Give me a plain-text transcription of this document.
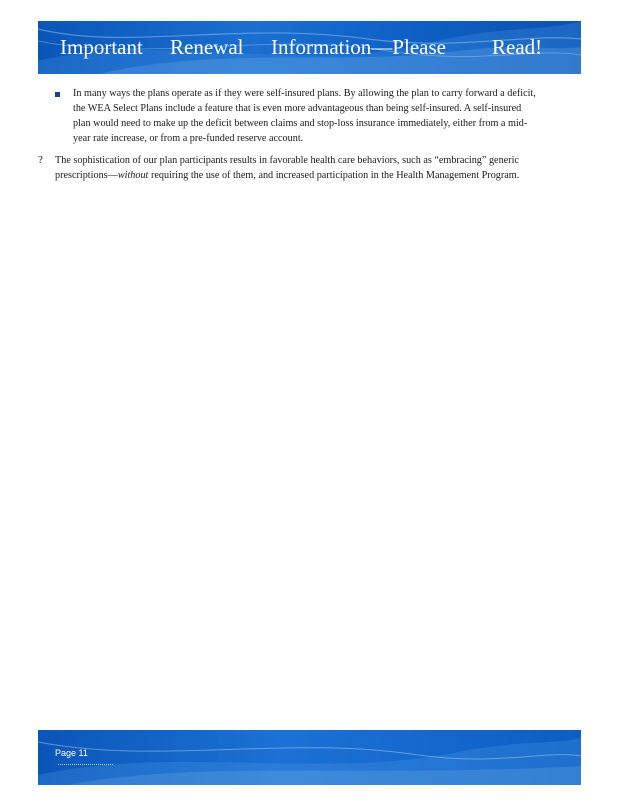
Important Renewal Information—Please Read!
In many ways the plans operate as if they were self-insured plans. By allowing the plan to carry forward a deficit,
the WEA Select Plans include a feature that is even more advantageous than being self-insured. A self-insured
plan would need to make up the deficit between claims and stop-loss insurance immediately, either from a mid-
year rate increase, or from a pre-funded reserve account.
? The sophistication of our plan participants results in favorable health care behaviors, such as “embracing” generic
prescriptions—without requiring the use of them, and increased participation in the Health Management Program.
Page 11
